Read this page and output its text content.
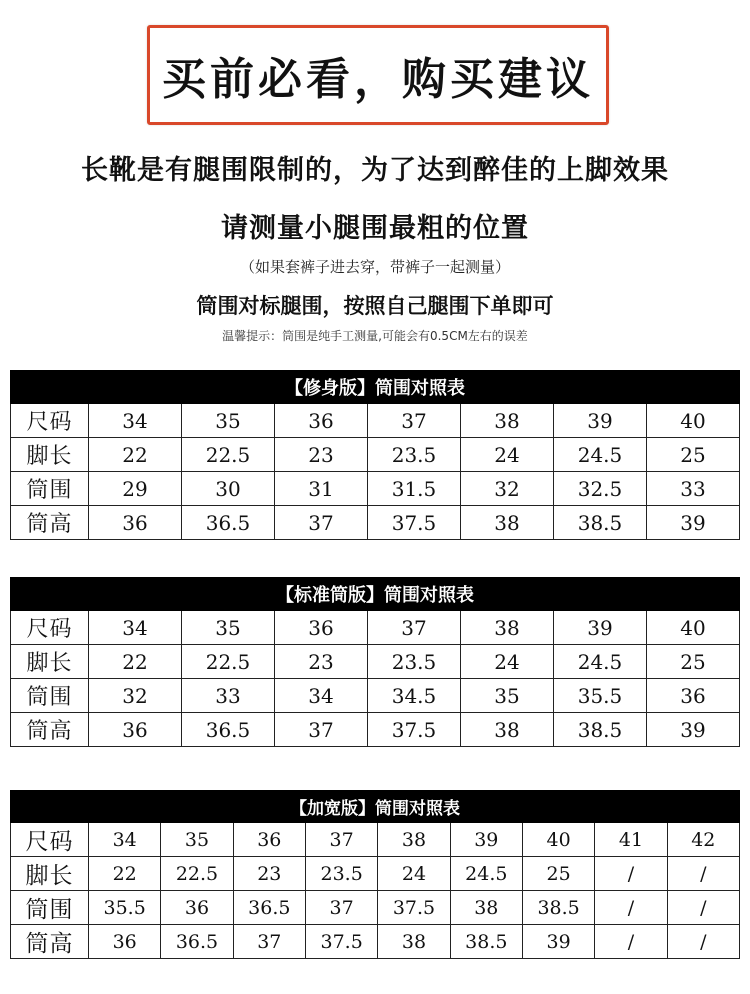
买前必看，购买建议
长靴是有腿围限制的，为了达到醉佳的上脚效果
请测量小腿围最粗的位置
（如果套裤子进去穿，带裤子一起测量）
筒围对标腿围，按照自己腿围下单即可
温馨提示：筒围是纯手工测量,可能会有0.5CM左右的误差
【修身版】筒围对照表							
尺码	34	35	36	37	38	39	40
脚长	22	22.5	23	23.5	24	24.5	25
筒围	29	30	31	31.5	32	32.5	33
筒高	36	36.5	37	37.5	38	38.5	39
【标准筒版】筒围对照表							
尺码	34	35	36	37	38	39	40
脚长	22	22.5	23	23.5	24	24.5	25
筒围	32	33	34	34.5	35	35.5	36
筒高	36	36.5	37	37.5	38	38.5	39
【加宽版】筒围对照表									
尺码	34	35	36	37	38	39	40	41	42
脚长	22	22.5	23	23.5	24	24.5	25	/	/
筒围	35.5	36	36.5	37	37.5	38	38.5	/	/
筒高	36	36.5	37	37.5	38	38.5	39	/	/
